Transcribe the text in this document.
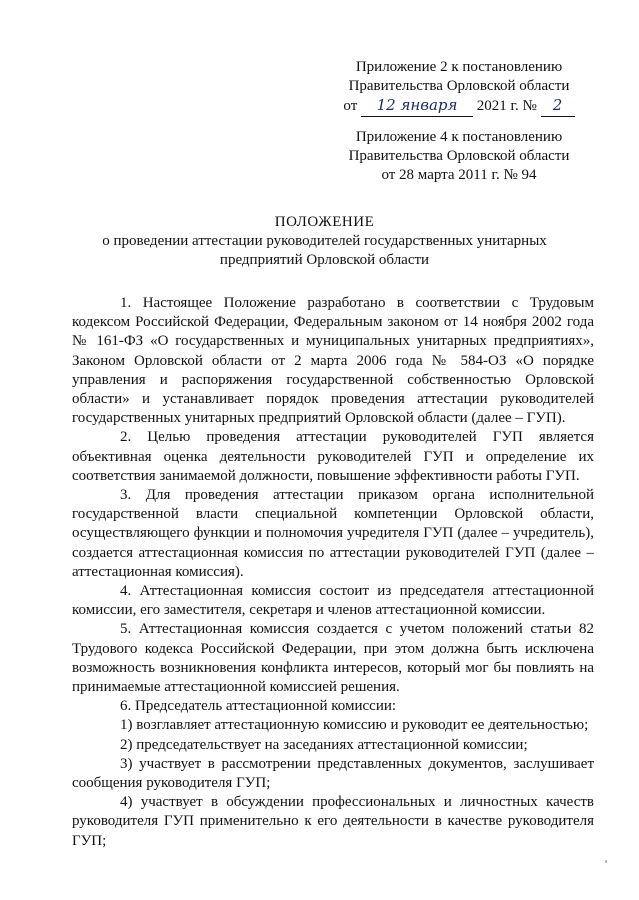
Приложение 2 к постановлению
Правительства Орловской области
от 12 января 2021 г. № 2
Приложение 4 к постановлению
Правительства Орловской области
от 28 марта 2011 г. № 94
ПОЛОЖЕНИЕ
о проведении аттестации руководителей государственных унитарных
предприятий Орловской области

1. Настоящее Положение разработано в соответствии с Трудовым кодексом Российской Федерации, Федеральным законом от 14 ноября 2002 года № 161-ФЗ «О государственных и муниципальных унитарных предприятиях», Законом Орловской области от 2 марта 2006 года № 584-ОЗ «О порядке управления и распоряжения государственной собственностью Орловской области» и устанавливает порядок проведения аттестации руководителей государственных унитарных предприятий Орловской области (далее – ГУП).

2. Целью проведения аттестации руководителей ГУП является объективная оценка деятельности руководителей ГУП и определение их соответствия занимаемой должности, повышение эффективности работы ГУП.

3. Для проведения аттестации приказом органа исполнительной государственной власти специальной компетенции Орловской области, осуществляющего функции и полномочия учредителя ГУП (далее – учредитель), создается аттестационная комиссия по аттестации руководителей ГУП (далее – аттестационная комиссия).

4. Аттестационная комиссия состоит из председателя аттестационной комиссии, его заместителя, секретаря и членов аттестационной комиссии.

5. Аттестационная комиссия создается с учетом положений статьи 82 Трудового кодекса Российской Федерации, при этом должна быть исключена возможность возникновения конфликта интересов, который мог бы повлиять на принимаемые аттестационной комиссией решения.

6. Председатель аттестационной комиссии:

1) возглавляет аттестационную комиссию и руководит ее деятельностью;

2) председательствует на заседаниях аттестационной комиссии;

3) участвует в рассмотрении представленных документов, заслушивает сообщения руководителя ГУП;

4) участвует в обсуждении профессиональных и личностных качеств руководителя ГУП применительно к его деятельности в качестве руководителя ГУП;
